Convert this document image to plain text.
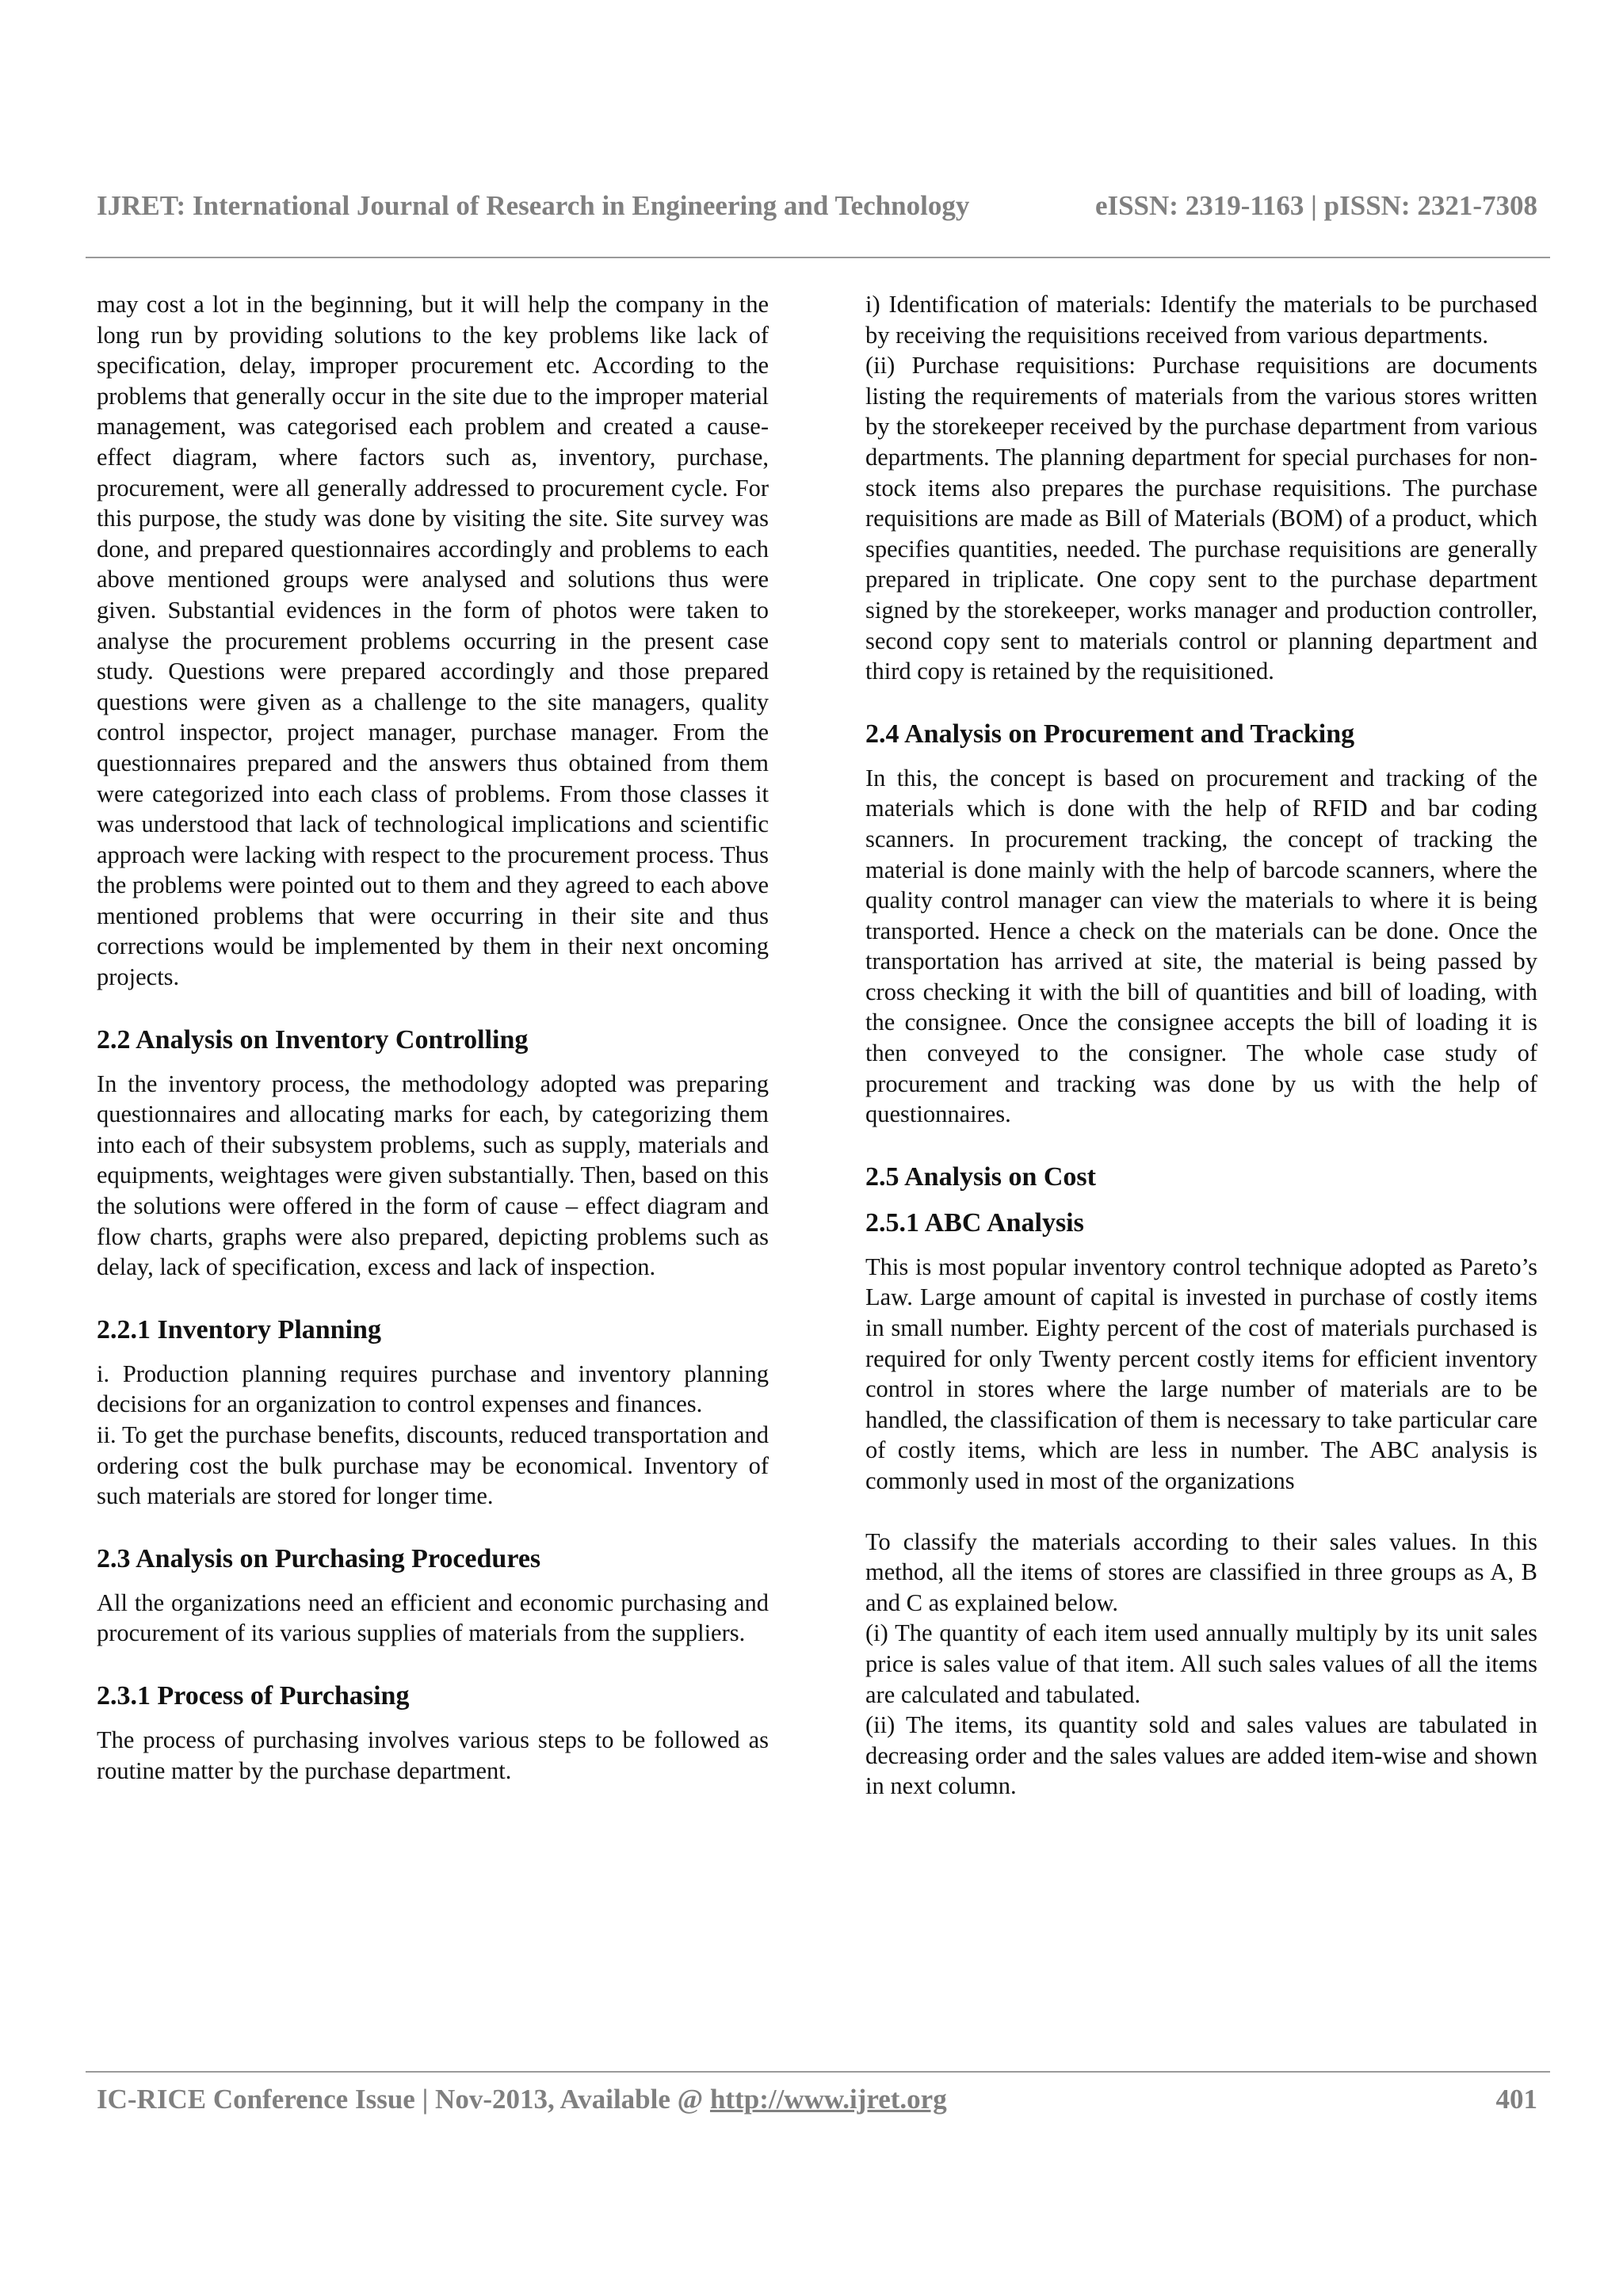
IJRET: International Journal of Research in Engineering and Technology	eISSN: 2319-1163 | pISSN: 2321-7308

may cost a lot in the beginning, but it will help the company in the long run by providing solutions to the key problems like lack of specification, delay, improper procurement etc. According to the problems that generally occur in the site due to the improper material management, was categorised each problem and created a cause-effect diagram, where factors such as, inventory, purchase, procurement, were all generally addressed to procurement cycle. For this purpose, the study was done by visiting the site. Site survey was done, and prepared questionnaires accordingly and problems to each above mentioned groups were analysed and solutions thus were given. Substantial evidences in the form of photos were taken to analyse the procurement problems occurring in the present case study. Questions were prepared accordingly and those prepared questions were given as a challenge to the site managers, quality control inspector, project manager, purchase manager. From the questionnaires prepared and the answers thus obtained from them were categorized into each class of problems. From those classes it was understood that lack of technological implications and scientific approach were lacking with respect to the procurement process. Thus the problems were pointed out to them and they agreed to each above mentioned problems that were occurring in their site and thus corrections would be implemented by them in their next oncoming projects.

2.2 Analysis on Inventory Controlling

In the inventory process, the methodology adopted was preparing questionnaires and allocating marks for each, by categorizing them into each of their subsystem problems, such as supply, materials and equipments, weightages were given substantially. Then, based on this the solutions were offered in the form of cause – effect diagram and flow charts, graphs were also prepared, depicting problems such as delay, lack of specification, excess and lack of inspection.

2.2.1 Inventory Planning

i. Production planning requires purchase and inventory planning decisions for an organization to control expenses and finances.

ii. To get the purchase benefits, discounts, reduced transportation and ordering cost the bulk purchase may be economical. Inventory of such materials are stored for longer time.

2.3 Analysis on Purchasing Procedures

All the organizations need an efficient and economic purchasing and procurement of its various supplies of materials from the suppliers.

2.3.1 Process of Purchasing

The process of purchasing involves various steps to be followed as routine matter by the purchase department.

i) Identification of materials: Identify the materials to be purchased by receiving the requisitions received from various departments.

(ii) Purchase requisitions: Purchase requisitions are documents listing the requirements of materials from the various stores written by the storekeeper received by the purchase department from various departments. The planning department for special purchases for non-stock items also prepares the purchase requisitions. The purchase requisitions are made as Bill of Materials (BOM) of a product, which specifies quantities, needed. The purchase requisitions are generally prepared in triplicate. One copy sent to the purchase department signed by the storekeeper, works manager and production controller, second copy sent to materials control or planning department and third copy is retained by the requisitioned.

2.4 Analysis on Procurement and Tracking

In this, the concept is based on procurement and tracking of the materials which is done with the help of RFID and bar coding scanners. In procurement tracking, the concept of tracking the material is done mainly with the help of barcode scanners, where the quality control manager can view the materials to where it is being transported. Hence a check on the materials can be done. Once the transportation has arrived at site, the material is being passed by cross checking it with the bill of quantities and bill of loading, with the consignee. Once the consignee accepts the bill of loading it is then conveyed to the consigner. The whole case study of procurement and tracking was done by us with the help of questionnaires.

2.5 Analysis on Cost
2.5.1 ABC Analysis

This is most popular inventory control technique adopted as Pareto’s Law. Large amount of capital is invested in purchase of costly items in small number. Eighty percent of the cost of materials purchased is required for only Twenty percent costly items for efficient inventory control in stores where the large number of materials are to be handled, the classification of them is necessary to take particular care of costly items, which are less in number. The ABC analysis is commonly used in most of the organizations

To classify the materials according to their sales values. In this method, all the items of stores are classified in three groups as A, B and C as explained below.

(i) The quantity of each item used annually multiply by its unit sales price is sales value of that item. All such sales values of all the items are calculated and tabulated.

(ii) The items, its quantity sold and sales values are tabulated in decreasing order and the sales values are added item-wise and shown in next column.

IC-RICE Conference Issue | Nov-2013, Available @ http://www.ijret.org	401
